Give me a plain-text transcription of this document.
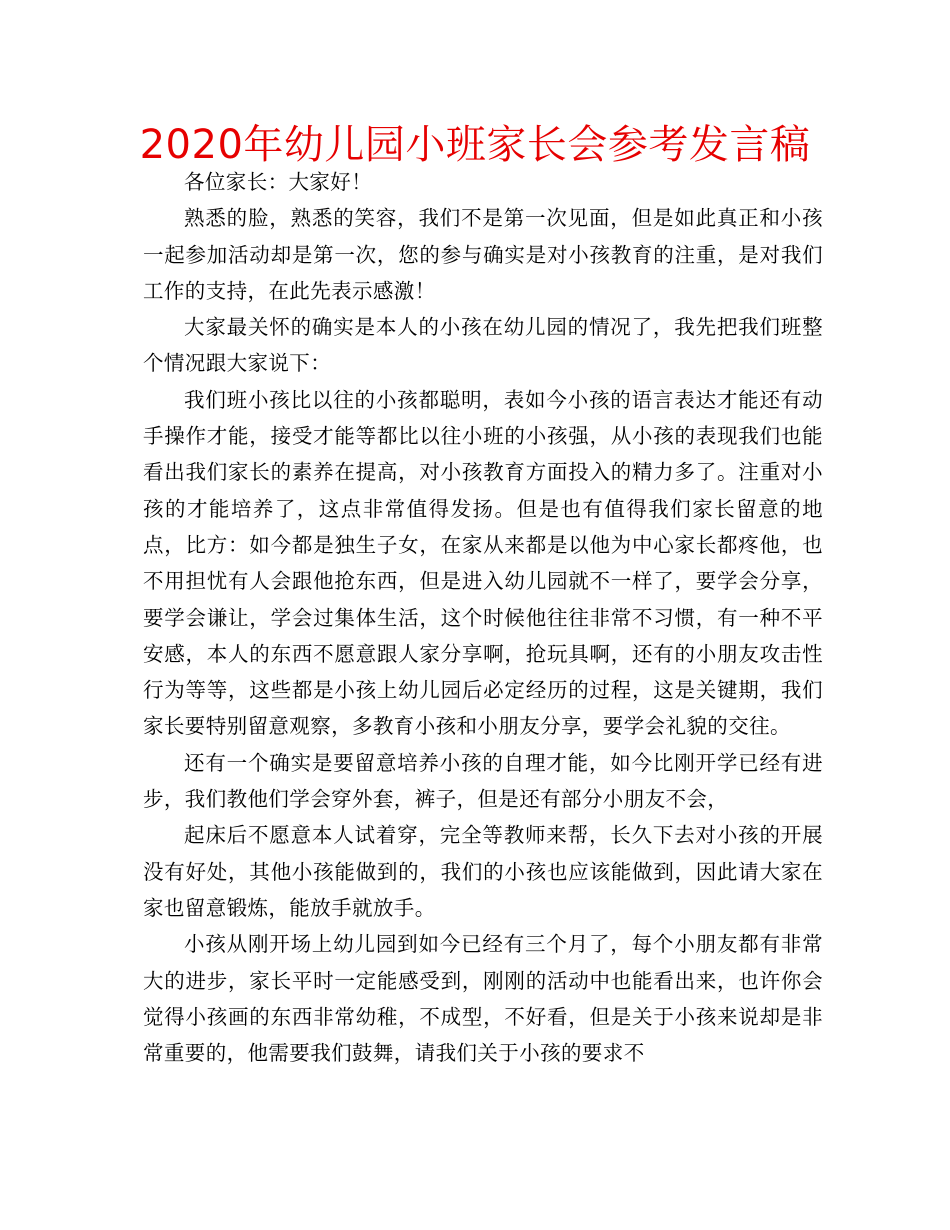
2020年幼儿园小班家长会参考发言稿

各位家长：大家好！

熟悉的脸，熟悉的笑容，我们不是第一次见面，但是如此真正和小孩一起参加活动却是第一次，您的参与确实是对小孩教育的注重，是对我们工作的支持，在此先表示感激！

大家最关怀的确实是本人的小孩在幼儿园的情况了，我先把我们班整个情况跟大家说下：

我们班小孩比以往的小孩都聪明，表如今小孩的语言表达才能还有动手操作才能，接受才能等都比以往小班的小孩强，从小孩的表现我们也能看出我们家长的素养在提高，对小孩教育方面投入的精力多了。注重对小孩的才能培养了，这点非常值得发扬。但是也有值得我们家长留意的地点，比方：如今都是独生子女，在家从来都是以他为中心家长都疼他，也不用担忧有人会跟他抢东西，但是进入幼儿园就不一样了，要学会分享，要学会谦让，学会过集体生活，这个时候他往往非常不习惯，有一种不平安感，本人的东西不愿意跟人家分享啊，抢玩具啊，还有的小朋友攻击性行为等等，这些都是小孩上幼儿园后必定经历的过程，这是关键期，我们家长要特别留意观察，多教育小孩和小朋友分享，要学会礼貌的交往。

还有一个确实是要留意培养小孩的自理才能，如今比刚开学已经有进步，我们教他们学会穿外套，裤子，但是还有部分小朋友不会，

起床后不愿意本人试着穿，完全等教师来帮，长久下去对小孩的开展没有好处，其他小孩能做到的，我们的小孩也应该能做到，因此请大家在家也留意锻炼，能放手就放手。

小孩从刚开场上幼儿园到如今已经有三个月了，每个小朋友都有非常大的进步，家长平时一定能感受到，刚刚的活动中也能看出来，也许你会觉得小孩画的东西非常幼稚，不成型，不好看，但是关于小孩来说却是非常重要的，他需要我们鼓舞，请我们关于小孩的要求不
